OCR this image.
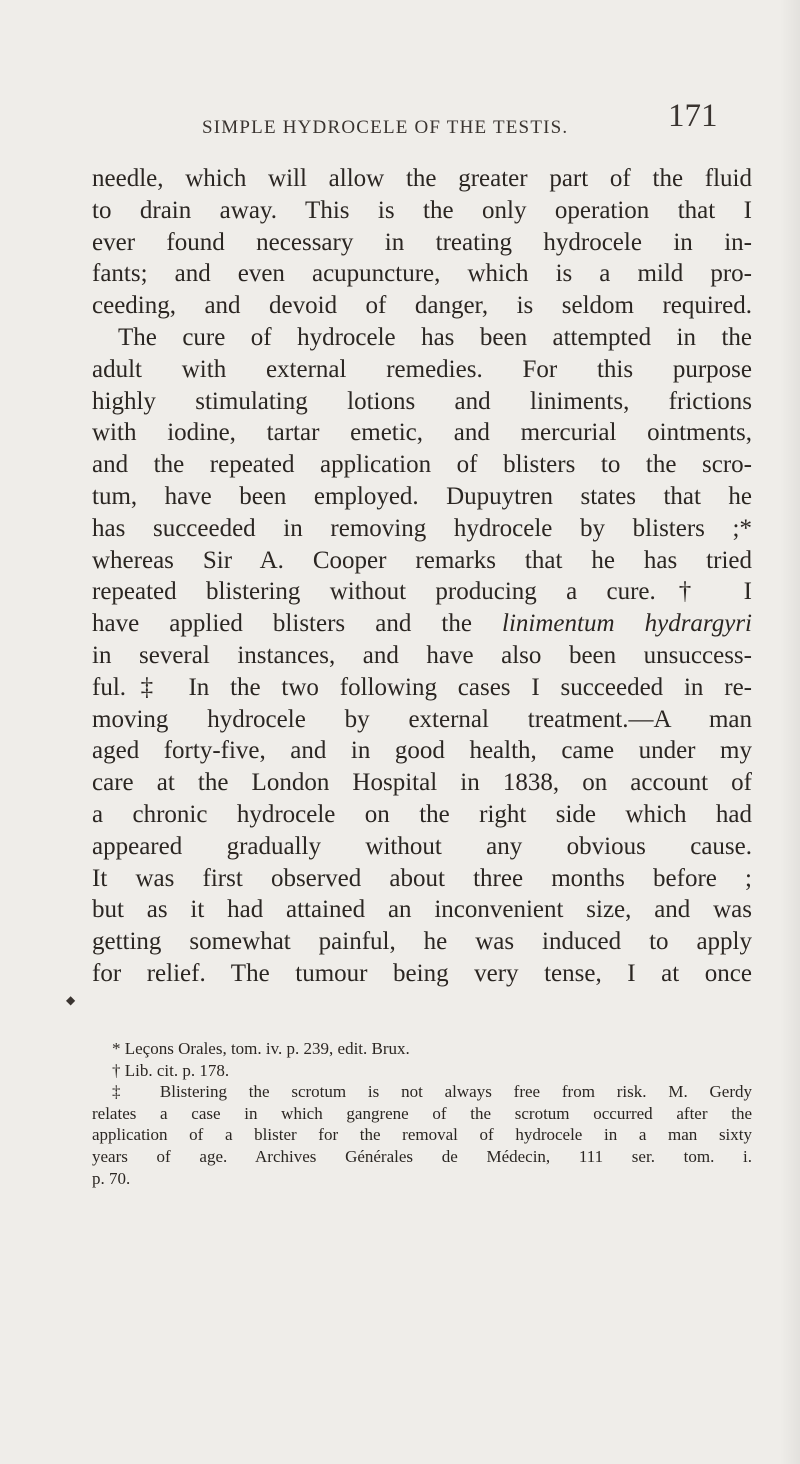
SIMPLE HYDROCELE OF THE TESTIS.	171
needle, which will allow the greater part of the fluid
to drain away. This is the only operation that I
ever found necessary in treating hydrocele in in-
fants; and even acupuncture, which is a mild pro-
ceeding, and devoid of danger, is seldom required.
The cure of hydrocele has been attempted in the
adult with external remedies. For this purpose
highly stimulating lotions and liniments, frictions
with iodine, tartar emetic, and mercurial ointments,
and the repeated application of blisters to the scro-
tum, have been employed. Dupuytren states that he
has succeeded in removing hydrocele by blisters ;*
whereas Sir A. Cooper remarks that he has tried
repeated blistering without producing a cure.† I
have applied blisters and the linimentum hydrargyri
in several instances, and have also been unsuccess-
ful.‡ In the two following cases I succeeded in re-
moving hydrocele by external treatment.—A man
aged forty-five, and in good health, came under my
care at the London Hospital in 1838, on account of
a chronic hydrocele on the right side which had
appeared gradually without any obvious cause.
It was first observed about three months before ;
but as it had attained an inconvenient size, and was
getting somewhat painful, he was induced to apply
for relief. The tumour being very tense, I at once
◆
* Leçons Orales, tom. iv. p. 239, edit. Brux.
† Lib. cit. p. 178.
‡ Blistering the scrotum is not always free from risk. M. Gerdy
relates a case in which gangrene of the scrotum occurred after the
application of a blister for the removal of hydrocele in a man sixty
years of age. Archives Générales de Médecin, 111 ser. tom. i.
p. 70.
